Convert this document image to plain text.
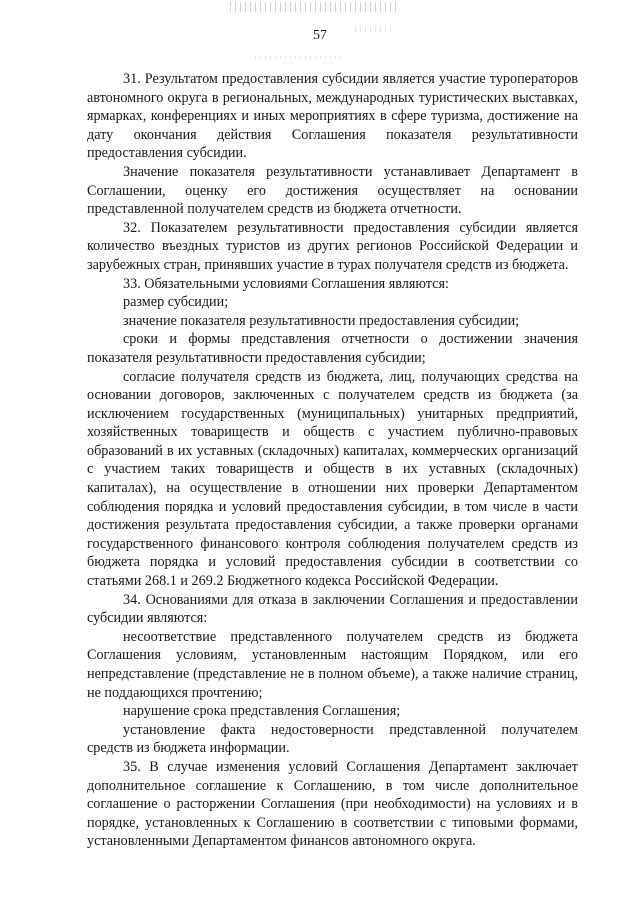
57

31. Результатом предоставления субсидии является участие туроператоров автономного округа в региональных, международных туристических выставках, ярмарках, конференциях и иных мероприятиях в сфере туризма, достижение на дату окончания действия Соглашения показателя результативности предоставления субсидии.

Значение показателя результативности устанавливает Департамент в Соглашении, оценку его достижения осуществляет на основании представленной получателем средств из бюджета отчетности.

32. Показателем результативности предоставления субсидии является количество въездных туристов из других регионов Российской Федерации и зарубежных стран, принявших участие в турах получателя средств из бюджета.

33. Обязательными условиями Соглашения являются:

размер субсидии;

значение показателя результативности предоставления субсидии;

сроки и формы представления отчетности о достижении значения показателя результативности предоставления субсидии;

согласие получателя средств из бюджета, лиц, получающих средства на основании договоров, заключенных с получателем средств из бюджета (за исключением государственных (муниципальных) унитарных предприятий, хозяйственных товариществ и обществ с участием публично-правовых образований в их уставных (складочных) капиталах, коммерческих организаций с участием таких товариществ и обществ в их уставных (складочных) капиталах), на осуществление в отношении них проверки Департаментом соблюдения порядка и условий предоставления субсидии, в том числе в части достижения результата предоставления субсидии, а также проверки органами государственного финансового контроля соблюдения получателем средств из бюджета порядка и условий предоставления субсидии в соответствии со статьями 268.1 и 269.2 Бюджетного кодекса Российской Федерации.

34. Основаниями для отказа в заключении Соглашения и предоставлении субсидии являются:

несоответствие представленного получателем средств из бюджета Соглашения условиям, установленным настоящим Порядком, или его непредставление (представление не в полном объеме), а также наличие страниц, не поддающихся прочтению;

нарушение срока представления Соглашения;

установление факта недостоверности представленной получателем средств из бюджета информации.

35. В случае изменения условий Соглашения Департамент заключает дополнительное соглашение к Соглашению, в том числе дополнительное соглашение о расторжении Соглашения (при необходимости) на условиях и в порядке, установленных к Соглашению в соответствии с типовыми формами, установленными Департаментом финансов автономного округа.
